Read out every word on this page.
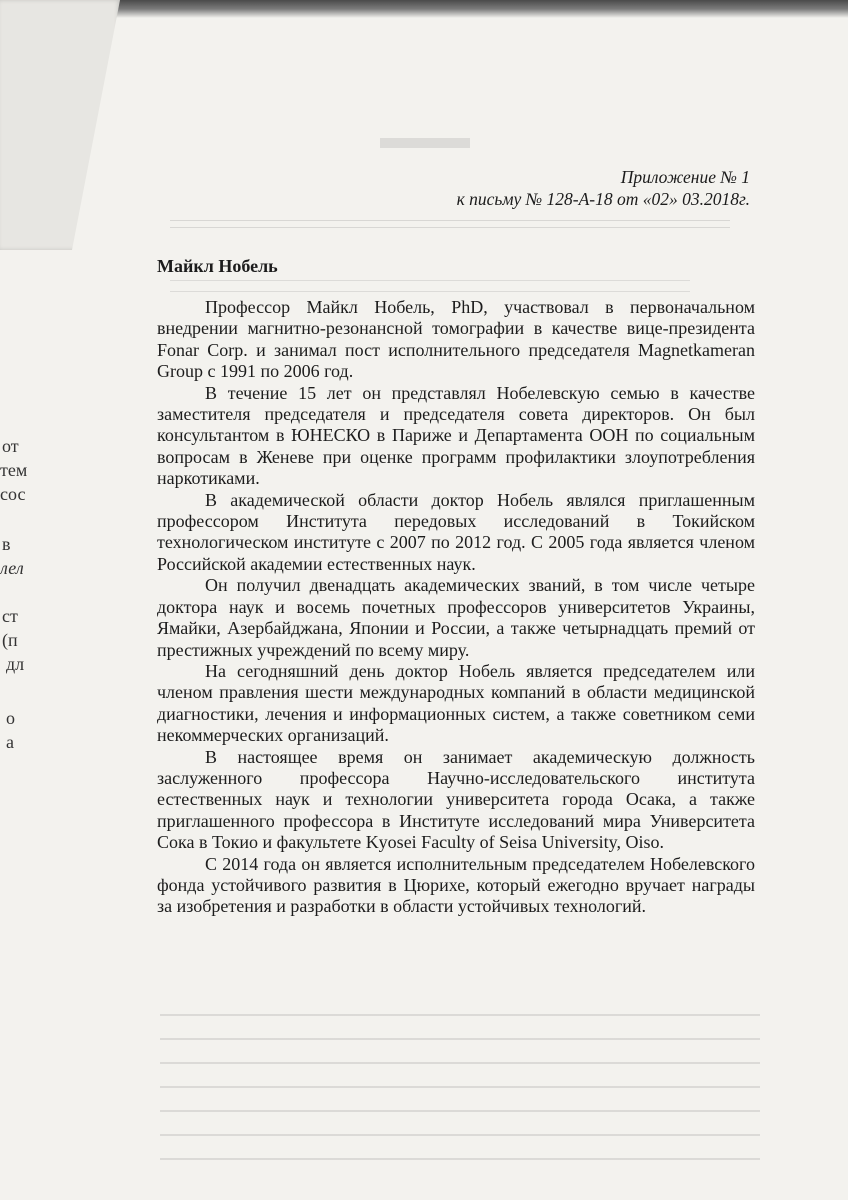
от
тем
сос
в
лел
ст
(п
дл
о
а
Приложение № 1
к письму № 128-А-18 от «02» 03.2018г.
Майкл Нобель

Профессор Майкл Нобель, PhD, участвовал в первоначальном внедрении магнитно-резонансной томографии в качестве вице-президента Fonar Corp. и занимал пост исполнительного председателя Magnetkameran Group с 1991 по 2006 год.

В течение 15 лет он представлял Нобелевскую семью в качестве заместителя председателя и председателя совета директоров. Он был консультантом в ЮНЕСКО в Париже и Департамента ООН по социальным вопросам в Женеве при оценке программ профилактики злоупотребления наркотиками.

В академической области доктор Нобель являлся приглашенным профессором Института передовых исследований в Токийском технологическом институте с 2007 по 2012 год. С 2005 года является членом Российской академии естественных наук.

Он получил двенадцать академических званий, в том числе четыре доктора наук и восемь почетных профессоров университетов Украины, Ямайки, Азербайджана, Японии и России, а также четырнадцать премий от престижных учреждений по всему миру.

На сегодняшний день доктор Нобель является председателем или членом правления шести международных компаний в области медицинской диагностики, лечения и информационных систем, а также советником семи некоммерческих организаций.

В настоящее время он занимает академическую должность заслуженного профессора Научно-исследовательского института естественных наук и технологии университета города Осака, а также приглашенного профессора в Институте исследований мира Университета Сока в Токио и факультете Kyosei Faculty of Seisa University, Oiso.

С 2014 года он является исполнительным председателем Нобелевского фонда устойчивого развития в Цюрихе, который ежегодно вручает награды за изобретения и разработки в области устойчивых технологий.
